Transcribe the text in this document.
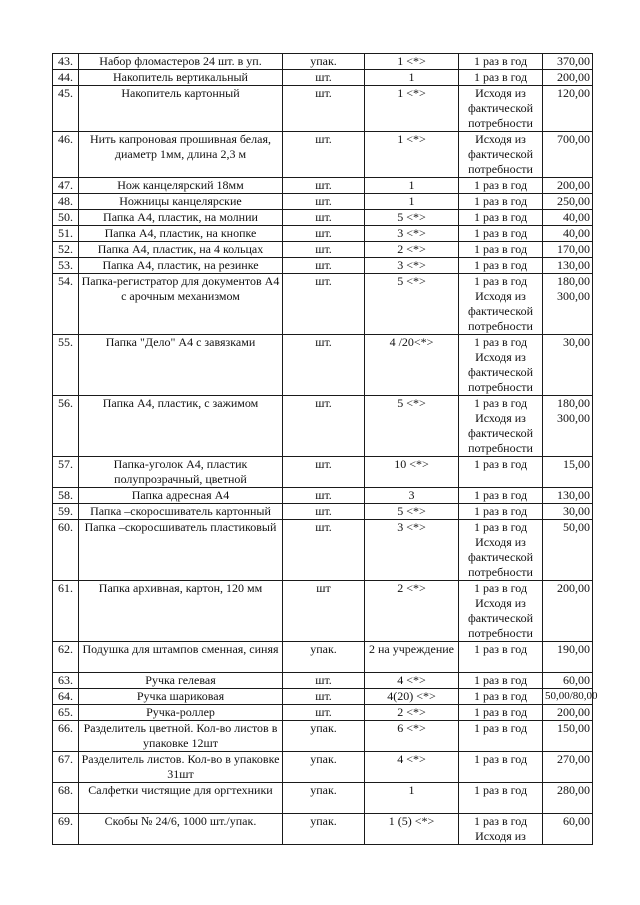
43.	Набор фломастеров 24 шт. в уп.	упак.	1 <*>	1 раз в год	370,00

44.	Накопитель вертикальный	шт.	1	1 раз в год	200,00

45.	Накопитель картонный	шт.	1 <*>	Исходя из фактической потребности	120,00

46.	Нить капроновая прошивная белая, диаметр 1мм, длина 2,3 м	шт.	1 <*>	Исходя из фактической потребности	700,00

47.	Нож канцелярский 18мм	шт.	1	1 раз в год	200,00

48.	Ножницы канцелярские	шт.	1	1 раз в год	250,00

50.	Папка А4, пластик, на молнии	шт.	5 <*>	1 раз в год	40,00

51.	Папка А4, пластик, на кнопке	шт.	3 <*>	1 раз в год	40,00

52.	Папка А4, пластик, на 4 кольцах	шт.	2 <*>	1 раз в год	170,00

53.	Папка А4, пластик, на резинке	шт.	3 <*>	1 раз в год	130,00

54.	Папка-регистратор для документов А4 с арочным механизмом	шт.	5 <*>	1 раз в год Исходя из фактической потребности	180,00
300,00

55.	Папка "Дело" А4 с завязками	шт.	4 /20<*>	1 раз в год Исходя из фактической потребности	30,00

56.	Папка А4, пластик, с зажимом	шт.	5 <*>	1 раз в год Исходя из фактической потребности	180,00
300,00

57.	Папка-уголок А4, пластик полупрозрачный, цветной	шт.	10 <*>	1 раз в год	15,00

58.	Папка адресная А4	шт.	3	1 раз в год	130,00

59.	Папка –скоросшиватель картонный	шт.	5 <*>	1 раз в год	30,00

60.	Папка –скоросшиватель пластиковый	шт.	3 <*>	1 раз в год Исходя из фактической потребности	50,00

61.	Папка архивная, картон, 120 мм	шт	2 <*>	1 раз в год Исходя из фактической потребности	200,00

62.	Подушка для штампов сменная, синяя	упак.	2 на учреждение	1 раз в год	190,00

63.	Ручка гелевая	шт.	4 <*>	1 раз в год	60,00

64.	Ручка шариковая	шт.	4(20) <*>	1 раз в год	50,00/80,00

65.	Ручка-роллер	шт.	2 <*>	1 раз в год	200,00

66.	Разделитель цветной. Кол-во листов в упаковке 12шт	упак.	6 <*>	1 раз в год	150,00

67.	Разделитель листов. Кол-во в упаковке 31шт	упак.	4 <*>	1 раз в год	270,00

68.	Салфетки чистящие для оргтехники	упак.	1	1 раз в год	280,00

69.	Скобы № 24/6, 1000 шт./упак.	упак.	1 (5) <*>	1 раз в год Исходя из	60,00
